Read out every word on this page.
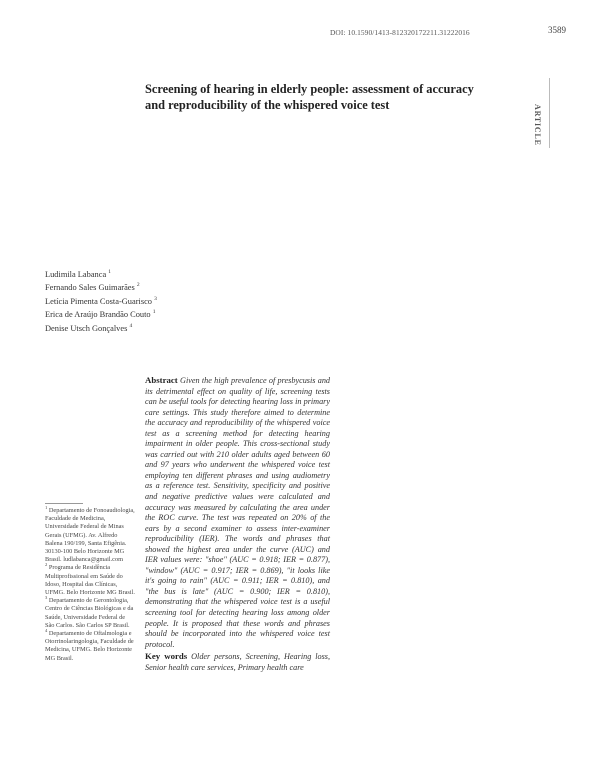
DOI: 10.1590/1413-812320172211.31222016	3589
ARTICLE
Screening of hearing in elderly people: assessment of accuracy and reproducibility of the whispered voice test
Ludimila Labanca $^1$
Fernando Sales Guimarães $^2$
Letícia Pimenta Costa-Guarisco $^3$
Erica de Araújo Brandão Couto $^1$
Denise Utsch Gonçalves $^4$
Abstract Given the high prevalence of presbycusis and its detrimental effect on quality of life, screening tests can be useful tools for detecting hearing loss in primary care settings. This study therefore aimed to determine the accuracy and reproducibility of the whispered voice test as a screening method for detecting hearing impairment in older people. This cross-sectional study was carried out with 210 older adults aged between 60 and 97 years who underwent the whispered voice test employing ten different phrases and using audiometry as a reference test. Sensitivity, specificity and positive and negative predictive values were calculated and accuracy was measured by calculating the area under the ROC curve. The test was repeated on 20% of the ears by a second examiner to assess inter-examiner reproducibility (IER). The words and phrases that showed the highest area under the curve (AUC) and IER values were: "shoe" (AUC = 0.918; IER = 0.877), "window" (AUC = 0.917; IER = 0.869), "it looks like it's going to rain" (AUC = 0.911; IER = 0.810), and "the bus is late" (AUC = 0.900; IER = 0.810), demonstrating that the whispered voice test is a useful screening tool for detecting hearing loss among older people. It is proposed that these words and phrases should be incorporated into the whispered voice test protocol.
Key words Older persons, Screening, Hearing loss, Senior health care services, Primary health care
$^1$ Departamento de Fonoaudiologia, Faculdade de Medicina, Universidade Federal de Minas Gerais (UFMG). Av. Alfredo Balena 190/199, Santa Efigênia. 30130-100 Belo Horizonte MG Brasil. ludlabanca@gmail.com
$^2$ Programa de Residência Multiprofissional em Saúde do Idoso, Hospital das Clínicas, UFMG. Belo Horizonte MG Brasil.
$^3$ Departamento de Gerontologia, Centro de Ciências Biológicas e da Saúde, Universidade Federal de São Carlos. São Carlos SP Brasil.
$^4$ Departamento de Oftalmologia e Otorrinolaringologia, Faculdade de Medicina, UFMG. Belo Horizonte MG Brasil.
